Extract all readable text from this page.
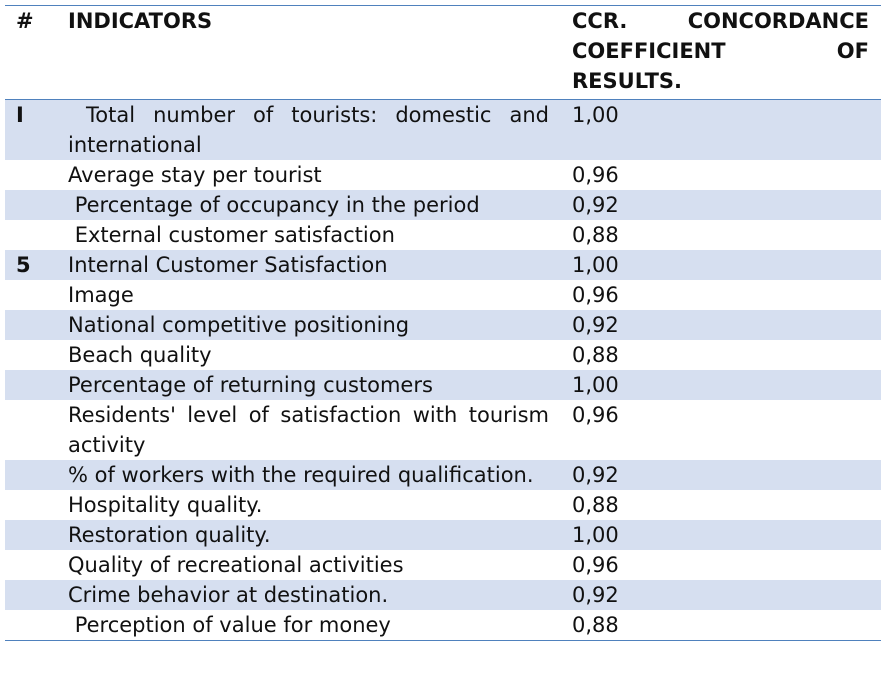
#	INDICATORS	CCR. CONCORDANCE COEFFICIENT OF RESULTS.
I	Total number of tourists: domestic and international	1,00
	Average stay per tourist	0,96
	Percentage of occupancy in the period	0,92
	External customer satisfaction	0,88
5	Internal Customer Satisfaction	1,00
	Image	0,96
	National competitive positioning	0,92
	Beach quality	0,88
	Percentage of returning customers	1,00
	Residents' level of satisfaction with tourism activity	0,96
	% of workers with the required qualification.	0,92
	Hospitality quality.	0,88
	Restoration quality.	1,00
	Quality of recreational activities	0,96
	Crime behavior at destination.	0,92
	Perception of value for money	0,88
